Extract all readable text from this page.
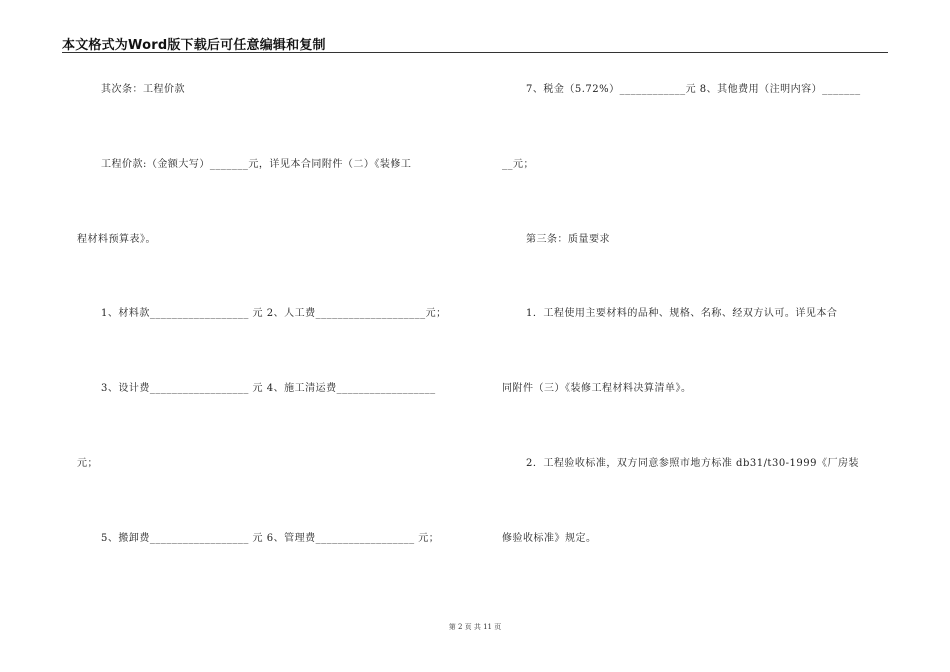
本文格式为Word版下载后可任意编辑和复制
其次条：工程价款
工程价款:（金额大写）_______元，详见本合同附件（二）《装修工
程材料预算表》。
1、材料款__________________ 元 2、人工费____________________元；
3、设计费__________________ 元 4、施工清运费__________________
元；
5、搬卸费__________________ 元 6、管理费__________________ 元；
7、税金（5.72%）____________元 8、其他费用（注明内容）_______
__元；
第三条：质量要求
1．工程使用主要材料的品种、规格、名称、经双方认可。详见本合
同附件（三）《装修工程材料决算清单》。
2．工程验收标准，双方同意参照市地方标准 db31/t30-1999《厂房装
修验收标准》规定。
第 2 页 共 11 页
